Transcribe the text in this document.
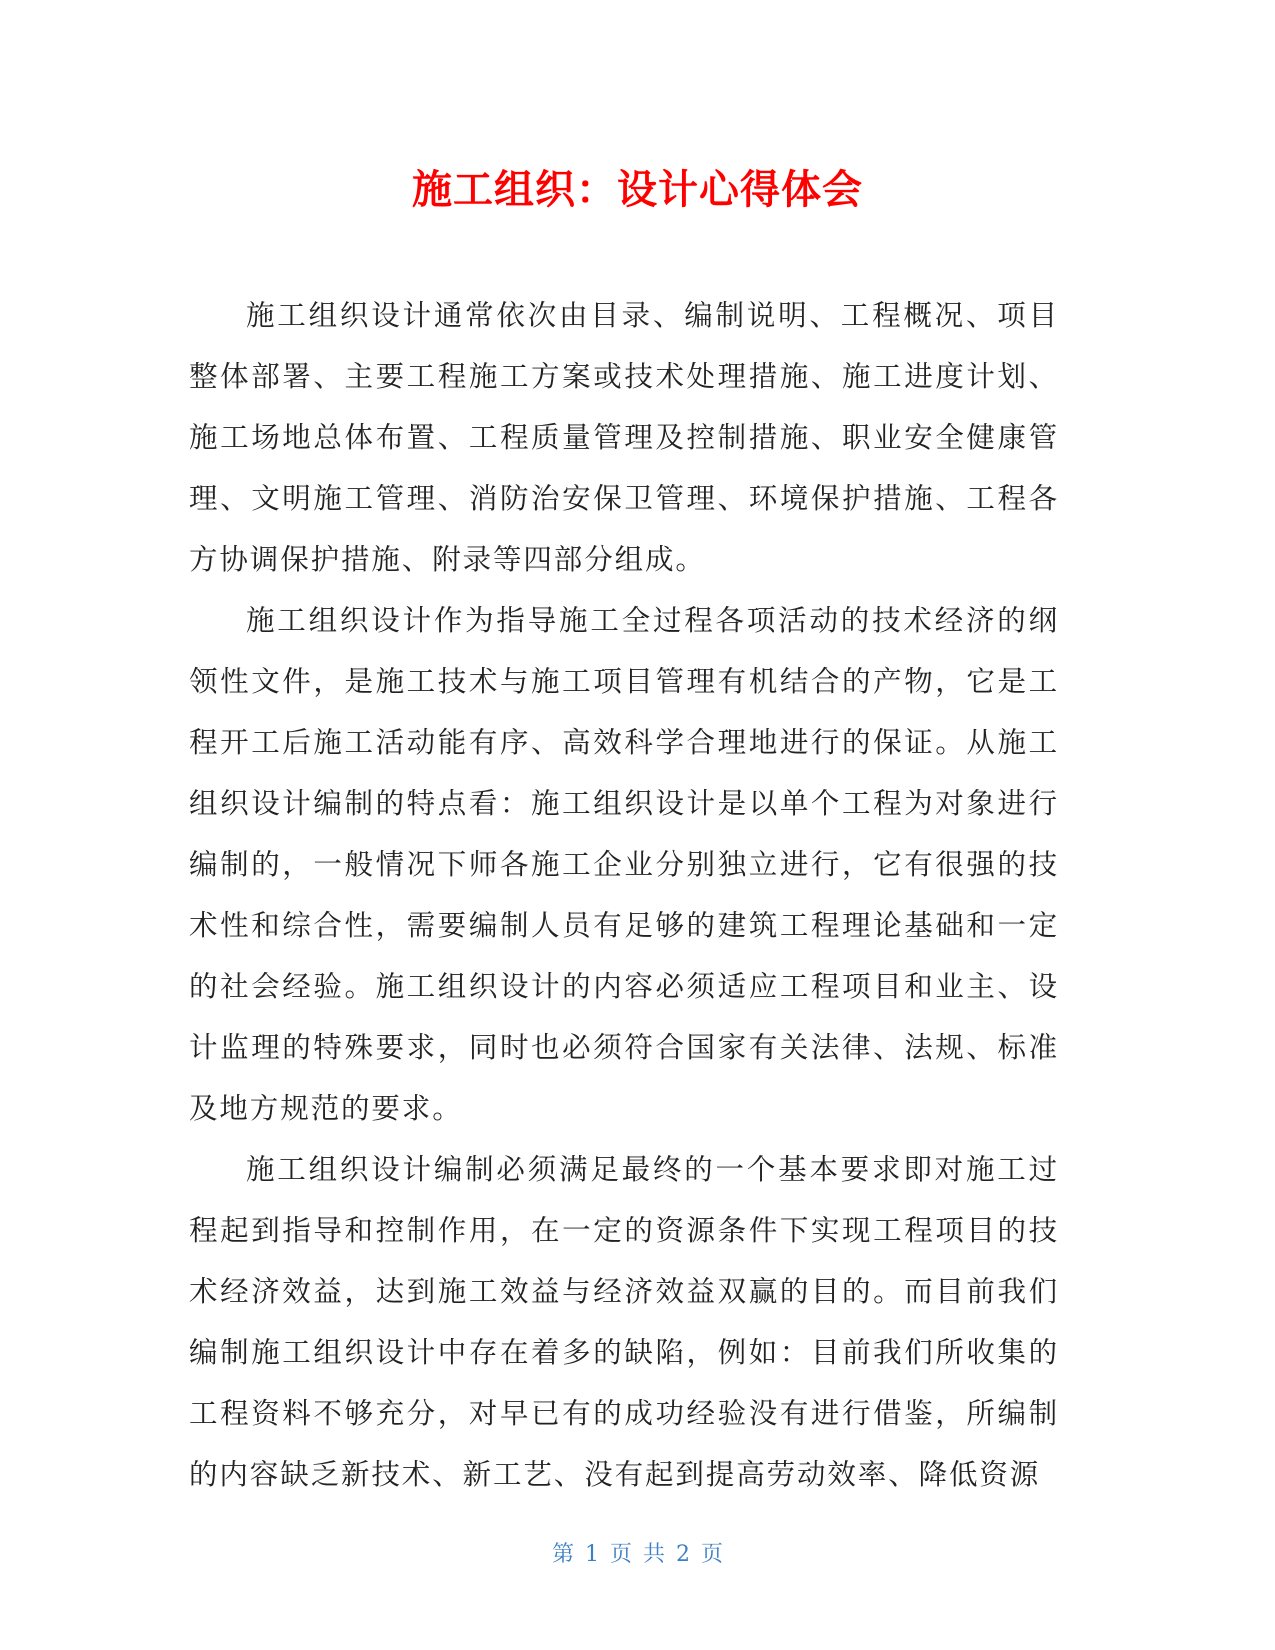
施工组织：设计心得体会

施工组织设计通常依次由目录、编制说明、工程概况、项目整体部署、主要工程施工方案或技术处理措施、施工进度计划、施工场地总体布置、工程质量管理及控制措施、职业安全健康管理、文明施工管理、消防治安保卫管理、环境保护措施、工程各方协调保护措施、附录等四部分组成。

施工组织设计作为指导施工全过程各项活动的技术经济的纲领性文件，是施工技术与施工项目管理有机结合的产物，它是工程开工后施工活动能有序、高效科学合理地进行的保证。从施工组织设计编制的特点看：施工组织设计是以单个工程为对象进行编制的，一般情况下师各施工企业分别独立进行，它有很强的技术性和综合性，需要编制人员有足够的建筑工程理论基础和一定的社会经验。施工组织设计的内容必须适应工程项目和业主、设计监理的特殊要求，同时也必须符合国家有关法律、法规、标准及地方规范的要求。

施工组织设计编制必须满足最终的一个基本要求即对施工过程起到指导和控制作用，在一定的资源条件下实现工程项目的技术经济效益，达到施工效益与经济效益双赢的目的。而目前我们编制施工组织设计中存在着多的缺陷，例如：目前我们所收集的工程资料不够充分，对早已有的成功经验没有进行借鉴，所编制的内容缺乏新技术、新工艺、没有起到提高劳动效率、降低资源

第 1 页 共 2 页
